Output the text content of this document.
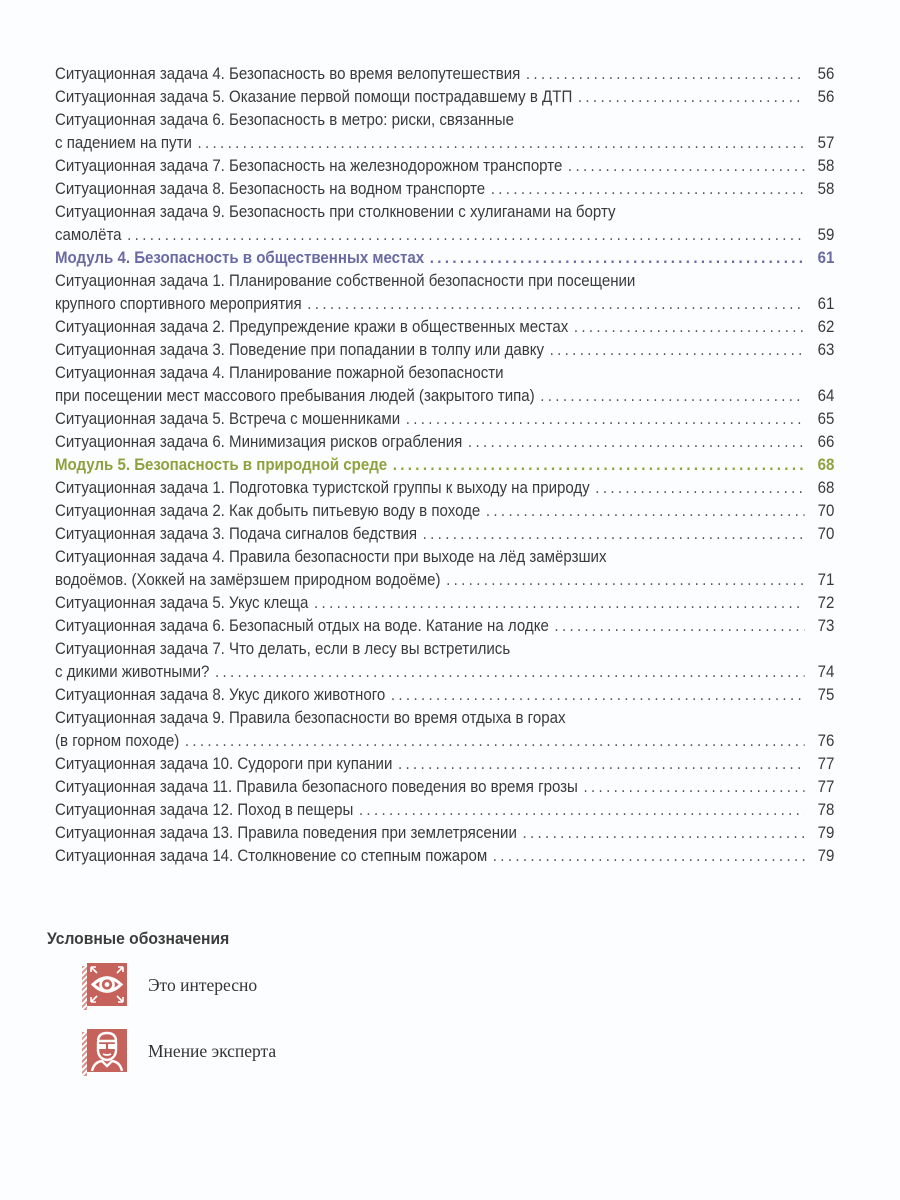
Ситуационная задача 4. Безопасность во время велопутешествия .....	56
Ситуационная задача 5. Оказание первой помощи пострадавшему в ДТП .....	56
Ситуационная задача 6. Безопасность в метро: риски, связанные
с падением на пути .....	57
Ситуационная задача 7. Безопасность на железнодорожном транспорте .....	58
Ситуационная задача 8. Безопасность на водном транспорте .....	58
Ситуационная задача 9. Безопасность при столкновении с хулиганами на борту
самолёта .....	59
Модуль 4. Безопасность в общественных местах .....	61
Ситуационная задача 1. Планирование собственной безопасности при посещении
крупного спортивного мероприятия .....	61
Ситуационная задача 2. Предупреждение кражи в общественных местах .....	62
Ситуационная задача 3. Поведение при попадании в толпу или давку .....	63
Ситуационная задача 4. Планирование пожарной безопасности
при посещении мест массового пребывания людей (закрытого типа) .....	64
Ситуационная задача 5. Встреча с мошенниками .....	65
Ситуационная задача 6. Минимизация рисков ограбления .....	66
Модуль 5. Безопасность в природной среде .....	68
Ситуационная задача 1. Подготовка туристской группы к выходу на природу .....	68
Ситуационная задача 2. Как добыть питьевую воду в походе .....	70
Ситуационная задача 3. Подача сигналов бедствия .....	70
Ситуационная задача 4. Правила безопасности при выходе на лёд замёрзших
водоёмов. (Хоккей на замёрзшем природном водоёме) .....	71
Ситуационная задача 5. Укус клеща .....	72
Ситуационная задача 6. Безопасный отдых на воде. Катание на лодке .....	73
Ситуационная задача 7. Что делать, если в лесу вы встретились
с дикими животными? .....	74
Ситуационная задача 8. Укус дикого животного .....	75
Ситуационная задача 9. Правила безопасности во время отдыха в горах
(в горном походе) .....	76
Ситуационная задача 10. Судороги при купании .....	77
Ситуационная задача 11. Правила безопасного поведения во время грозы .....	77
Ситуационная задача 12. Поход в пещеры .....	78
Ситуационная задача 13. Правила поведения при землетрясении .....	79
Ситуационная задача 14. Столкновение со степным пожаром .....	79
Условные обозначения
Это интересно
Мнение эксперта
